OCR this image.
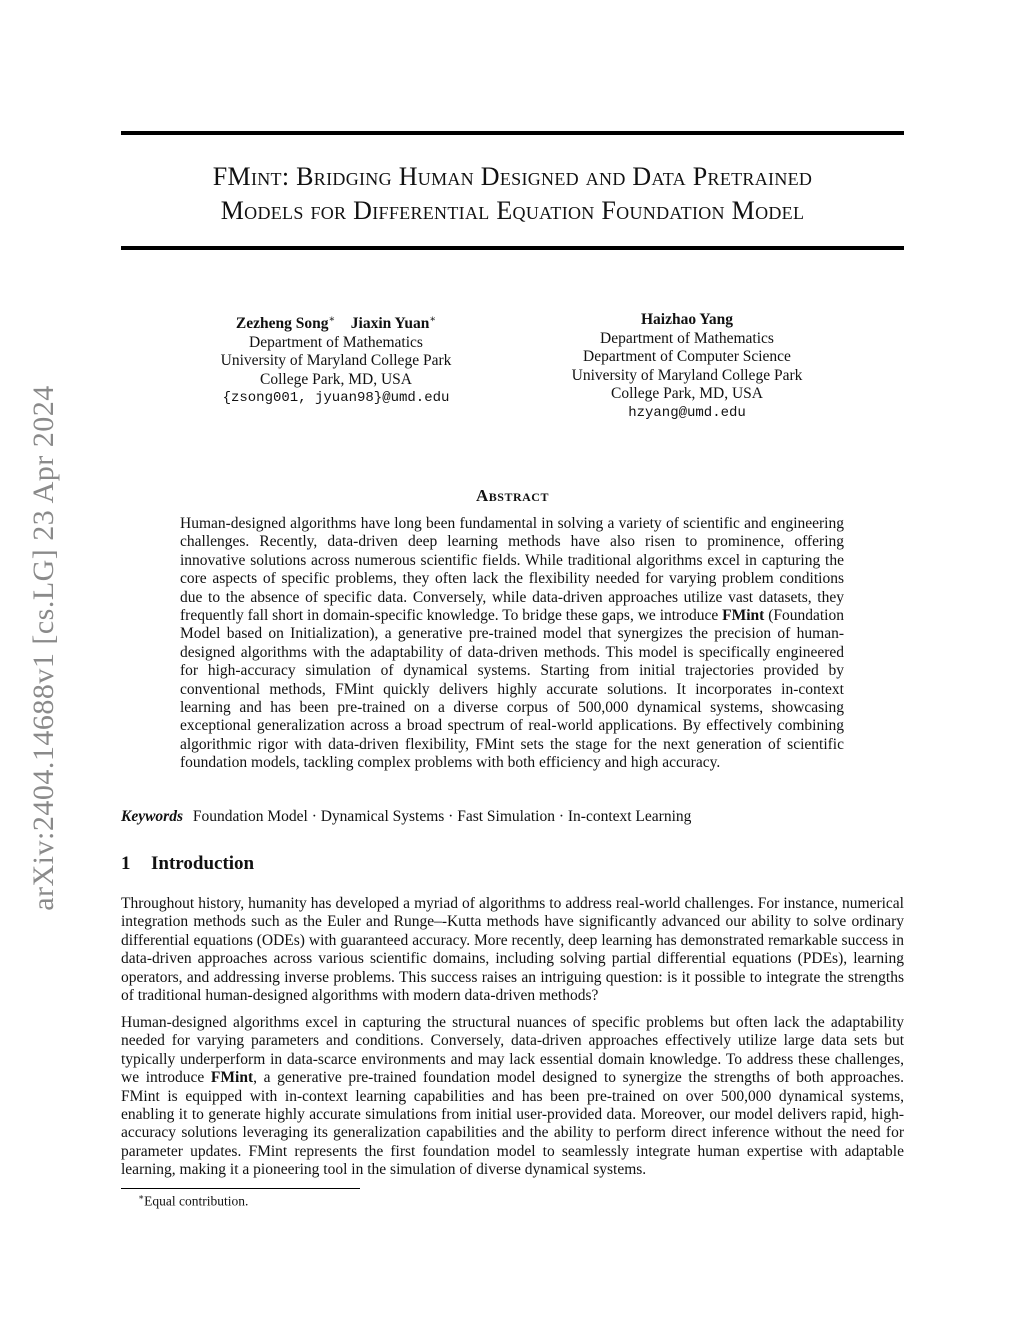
arXiv:2404.14688v1 [cs.LG] 23 Apr 2024
FMint: Bridging Human Designed and Data Pretrained
Models for Differential Equation Foundation Model
Zezheng Song∗ Jiaxin Yuan∗
Department of Mathematics
University of Maryland College Park
College Park, MD, USA
{zsong001, jyuan98}@umd.edu
Haizhao Yang
Department of Mathematics
Department of Computer Science
University of Maryland College Park
College Park, MD, USA
hzyang@umd.edu
Abstract
Human-designed algorithms have long been fundamental in solving a variety of scientific and engineering challenges. Recently, data-driven deep learning methods have also risen to prominence, offering innovative solutions across numerous scientific fields. While traditional algorithms excel in capturing the core aspects of specific problems, they often lack the flexibility needed for varying problem conditions due to the absence of specific data. Conversely, while data-driven approaches utilize vast datasets, they frequently fall short in domain-specific knowledge. To bridge these gaps, we introduce FMint (Foundation Model based on Initialization), a generative pre-trained model that synergizes the precision of human-designed algorithms with the adaptability of data-driven methods. This model is specifically engineered for high-accuracy simulation of dynamical systems. Starting from initial trajectories provided by conventional methods, FMint quickly delivers highly accurate solutions. It incorporates in-context learning and has been pre-trained on a diverse corpus of 500,000 dynamical systems, showcasing exceptional generalization across a broad spectrum of real-world applications. By effectively combining algorithmic rigor with data-driven flexibility, FMint sets the stage for the next generation of scientific foundation models, tackling complex problems with both efficiency and high accuracy.
Keywords Foundation Model · Dynamical Systems · Fast Simulation · In-context Learning
1 Introduction
Throughout history, humanity has developed a myriad of algorithms to address real-world challenges. For instance, numerical integration methods such as the Euler and Runge–-Kutta methods have significantly advanced our ability to solve ordinary differential equations (ODEs) with guaranteed accuracy. More recently, deep learning has demonstrated remarkable success in data-driven approaches across various scientific domains, including solving partial differential equations (PDEs), learning operators, and addressing inverse problems. This success raises an intriguing question: is it possible to integrate the strengths of traditional human-designed algorithms with modern data-driven methods?
Human-designed algorithms excel in capturing the structural nuances of specific problems but often lack the adaptability needed for varying parameters and conditions. Conversely, data-driven approaches effectively utilize large data sets but typically underperform in data-scarce environments and may lack essential domain knowledge. To address these challenges, we introduce FMint, a generative pre-trained foundation model designed to synergize the strengths of both approaches. FMint is equipped with in-context learning capabilities and has been pre-trained on over 500,000 dynamical systems, enabling it to generate highly accurate simulations from initial user-provided data. Moreover, our model delivers rapid, high-accuracy solutions leveraging its generalization capabilities and the ability to perform direct inference without the need for parameter updates. FMint represents the first foundation model to seamlessly integrate human expertise with adaptable learning, making it a pioneering tool in the simulation of diverse dynamical systems.
∗Equal contribution.
